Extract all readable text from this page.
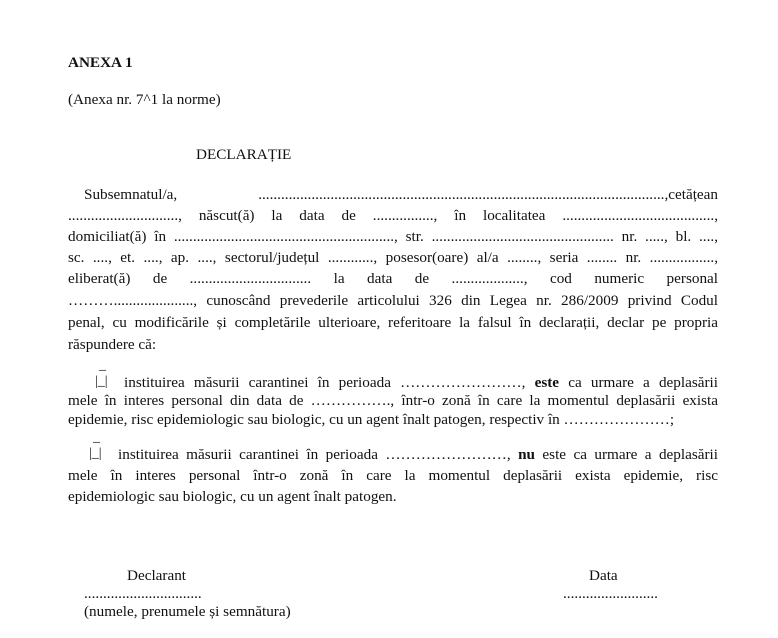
ANEXA 1
(Anexa nr. 7^1 la norme)
DECLARAȚIE
Subsemnatul/a, ...........................................................................................................,cetățean
............................., născut(ă) la data de ................, în localitatea ........................................,
domiciliat(ă) în .........................................................., str. ................................................ nr. ....., bl. ....,
sc. ...., et. ...., ap. ...., sectorul/județul ............, posesor(oare) al/a ........, seria ........ nr. .................,
eliberat(ă) de ................................ la data de ..................., cod numeric personal
………....................., cunoscând prevederile articolului 326 din Legea nr. 286/2009 privind Codul
penal, cu modificările și completările ulterioare, referitoare la falsul în declarații, declar pe propria
răspundere că:
_
|_| instituirea măsurii carantinei în perioada ……………………, este ca urmare a deplasării
mele în interes personal din data de ……………., într-o zonă în care la momentul deplasării exista
epidemie, risc epidemiologic sau biologic, cu un agent înalt patogen, respectiv în …………………;
_
|_| instituirea măsurii carantinei în perioada ……………………, nu este ca urmare a deplasării
mele în interes personal într-o zonă în care la momentul deplasării exista epidemie, risc
epidemiologic sau biologic, cu un agent înalt patogen.
Declarant
...............................
(numele, prenumele și semnătura)
Data
.........................
